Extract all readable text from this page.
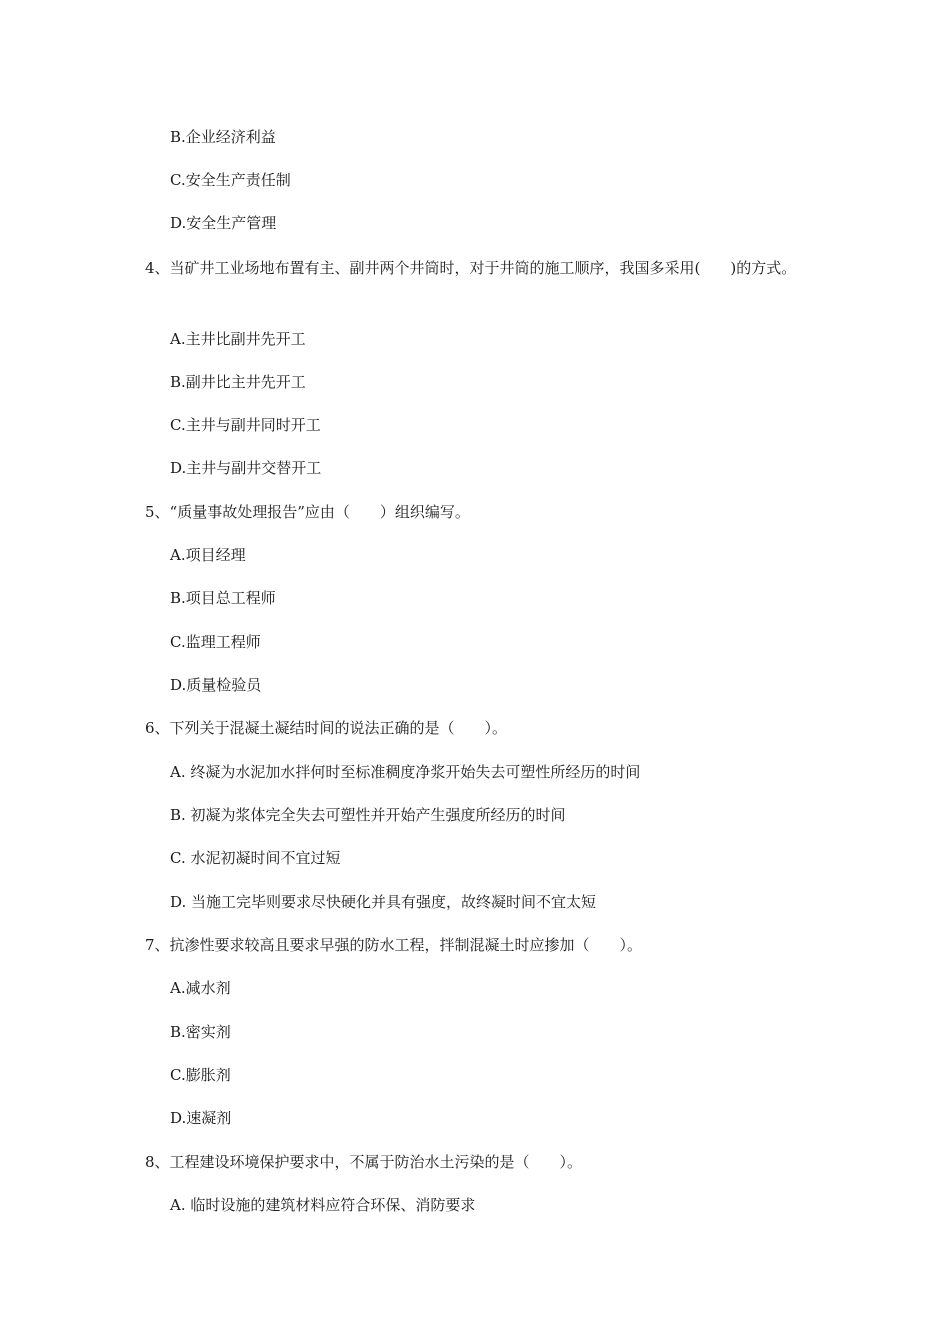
B.企业经济利益
C.安全生产责任制
D.安全生产管理
4、当矿井工业场地布置有主、副井两个井筒时，对于井筒的施工顺序，我国多采用(　　)的方式。
A.主井比副井先开工
B.副井比主井先开工
C.主井与副井同时开工
D.主井与副井交替开工
5、“质量事故处理报告”应由（　　）组织编写。
A.项目经理
B.项目总工程师
C.监理工程师
D.质量检验员
6、下列关于混凝土凝结时间的说法正确的是（　　）。
A. 终凝为水泥加水拌何时至标准稠度净浆开始失去可塑性所经历的时间
B. 初凝为浆体完全失去可塑性并开始产生强度所经历的时间
C. 水泥初凝时间不宜过短
D. 当施工完毕则要求尽快硬化并具有强度，故终凝时间不宜太短
7、抗渗性要求较高且要求早强的防水工程，拌制混凝土时应掺加（　　）。
A.减水剂
B.密实剂
C.膨胀剂
D.速凝剂
8、工程建设环境保护要求中，不属于防治水土污染的是（　　）。
A. 临时设施的建筑材料应符合环保、消防要求
